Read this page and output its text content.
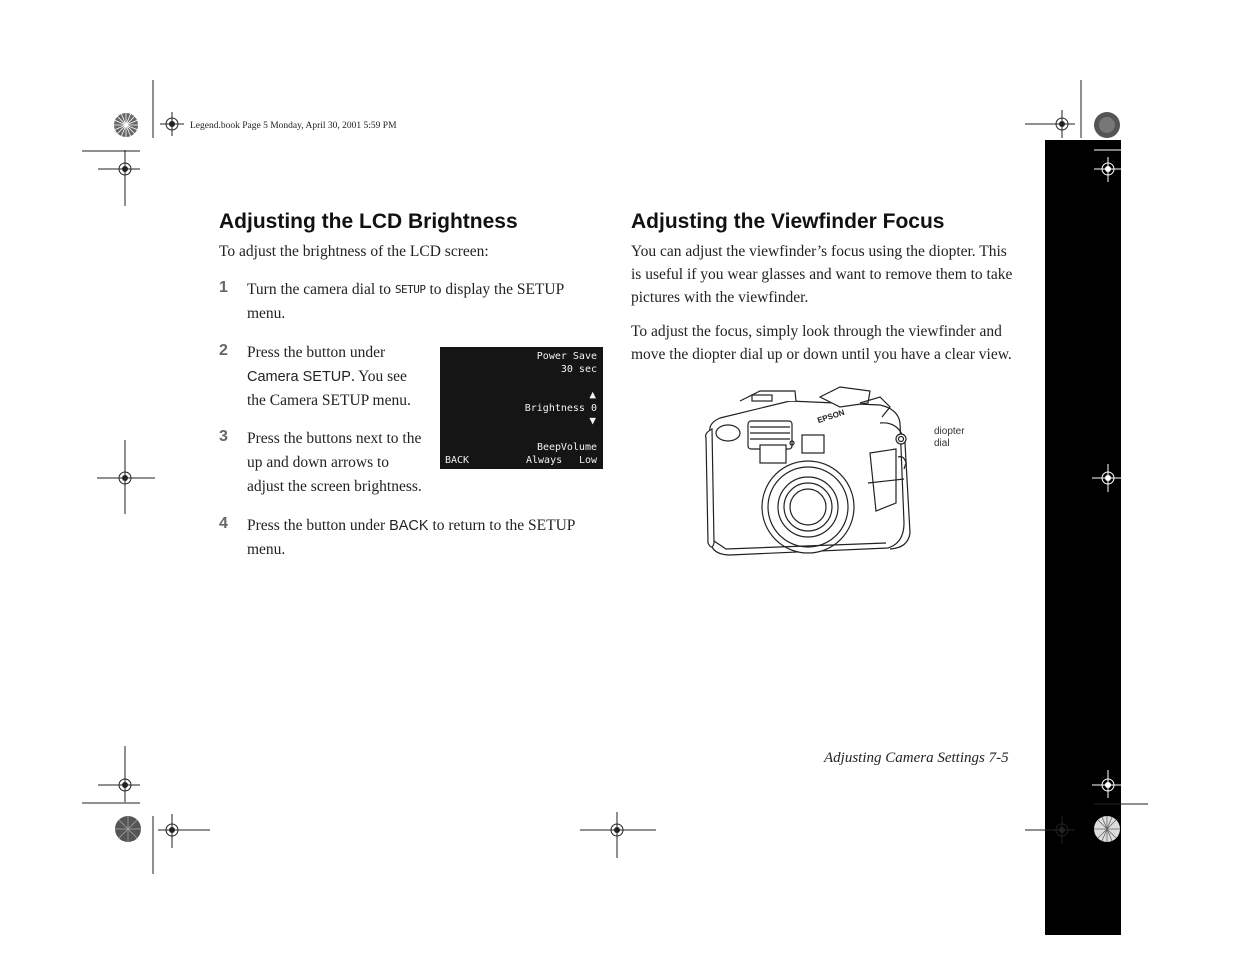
Legend.book Page 5 Monday, April 30, 2001 5:59 PM
Adjusting the LCD Brightness

To adjust the brightness of the LCD screen:

1 Turn the camera dial to SETUP to display the SETUP
menu.
2 Press the button under
Camera SETUP. You see
the Camera SETUP menu.
3 Press the buttons next to the
up and down arrows to
adjust the screen brightness.
4 Press the button under BACK to return to the SETUP
menu.
Power Save
30 sec
▲
Brightness 0
▼
Beep Volume
BACK	Always Low
Adjusting the Viewfinder Focus

You can adjust the viewfinder’s focus using the diopter. This
is useful if you wear glasses and want to remove them to take
pictures with the viewfinder.

To adjust the focus, simply look through the viewfinder and
move the diopter dial up or down until you have a clear view.

EPSON
diopter
dial
Adjusting Camera Settings 7-5
